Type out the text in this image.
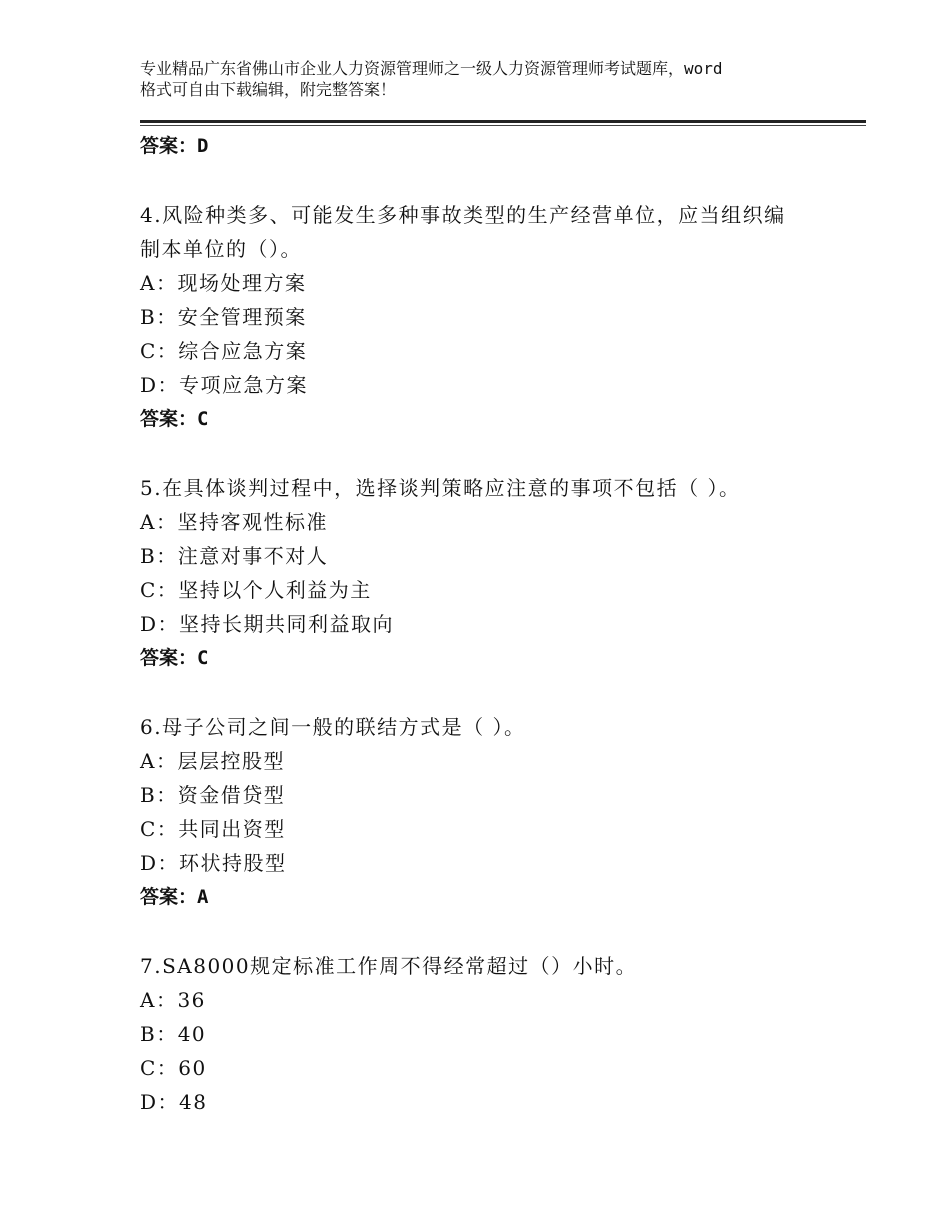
专业精品广东省佛山市企业人力资源管理师之一级人力资源管理师考试题库，word
格式可自由下载编辑，附完整答案！
答案：D
4.风险种类多、可能发生多种事故类型的生产经营单位，应当组织编
制本单位的（）。
A：现场处理方案
B：安全管理预案
C：综合应急方案
D：专项应急方案
答案：C
5.在具体谈判过程中，选择谈判策略应注意的事项不包括（ ）。
A：坚持客观性标准
B：注意对事不对人
C：坚持以个人利益为主
D：坚持长期共同利益取向
答案：C
6.母子公司之间一般的联结方式是（ ）。
A：层层控股型
B：资金借贷型
C：共同出资型
D：环状持股型
答案：A
7.SA8000规定标准工作周不得经常超过（）小时。
A：36
B：40
C：60
D：48
